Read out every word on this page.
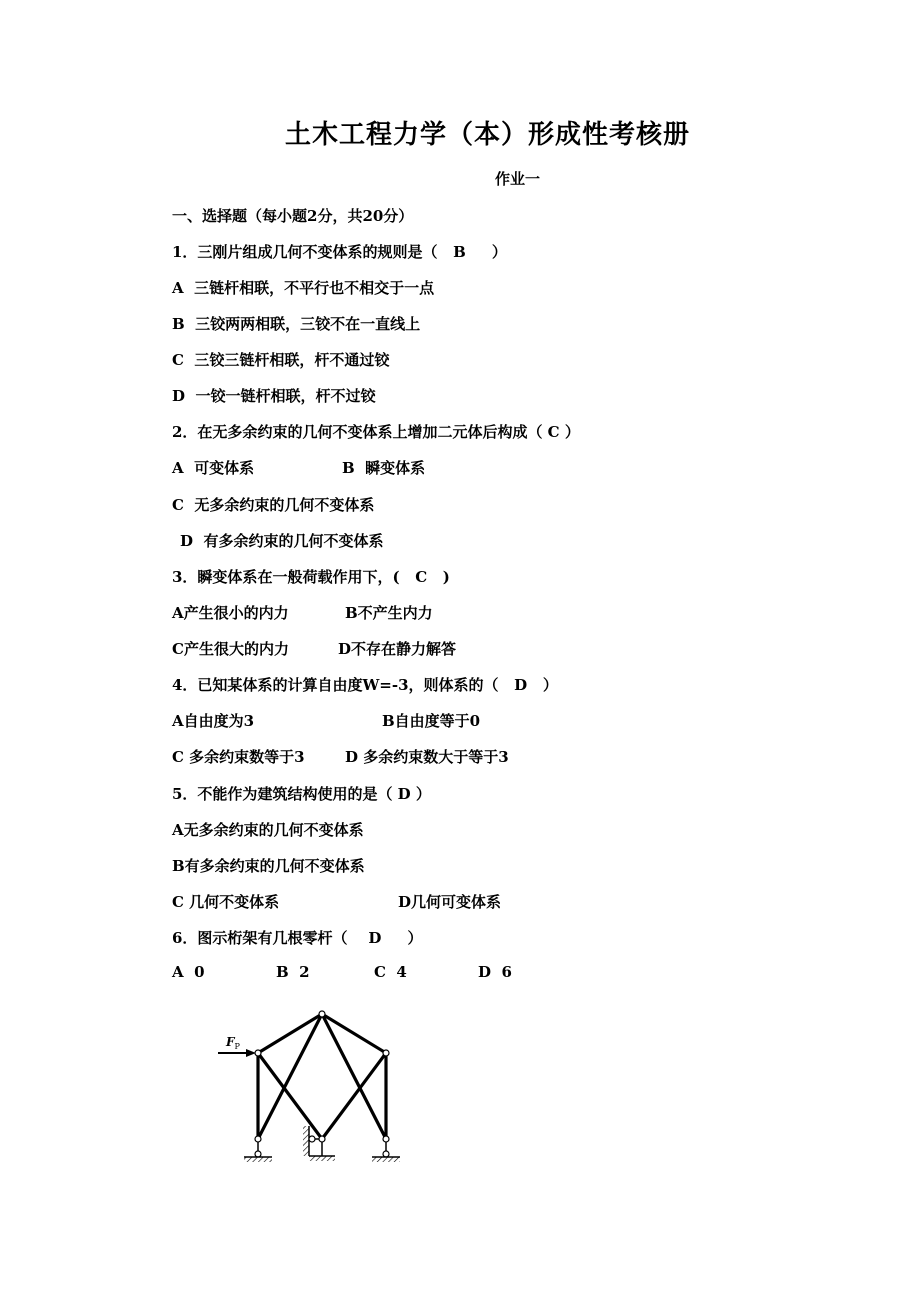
土木工程力学（本）形成性考核册
作业一
一、选择题（每小题2分，共20分）
1．三刚片组成几何不变体系的规则是（   B     ）
A  三链杆相联，不平行也不相交于一点
B  三铰两两相联，三铰不在一直线上
C  三铰三链杆相联，杆不通过铰
D  一铰一链杆相联，杆不过铰
2．在无多余约束的几何不变体系上增加二元体后构成（ C ）
A  可变体系	B  瞬变体系
C  无多余约束的几何不变体系
D  有多余约束的几何不变体系
3．瞬变体系在一般荷载作用下，(   C   )
A产生很小的内力	B不产生内力
C产生很大的内力	D不存在静力解答
4．已知某体系的计算自由度W=-3，则体系的（   D   ）
A自由度为3	B自由度等于0
C 多余约束数等于3	D 多余约束数大于等于3
5．不能作为建筑结构使用的是（ D ）
A无多余约束的几何不变体系
B有多余约束的几何不变体系
C 几何不变体系	D几何可变体系
6．图示桁架有几根零杆（    D     ）
A  0	B  2	C  4	D  6
$F_P$
